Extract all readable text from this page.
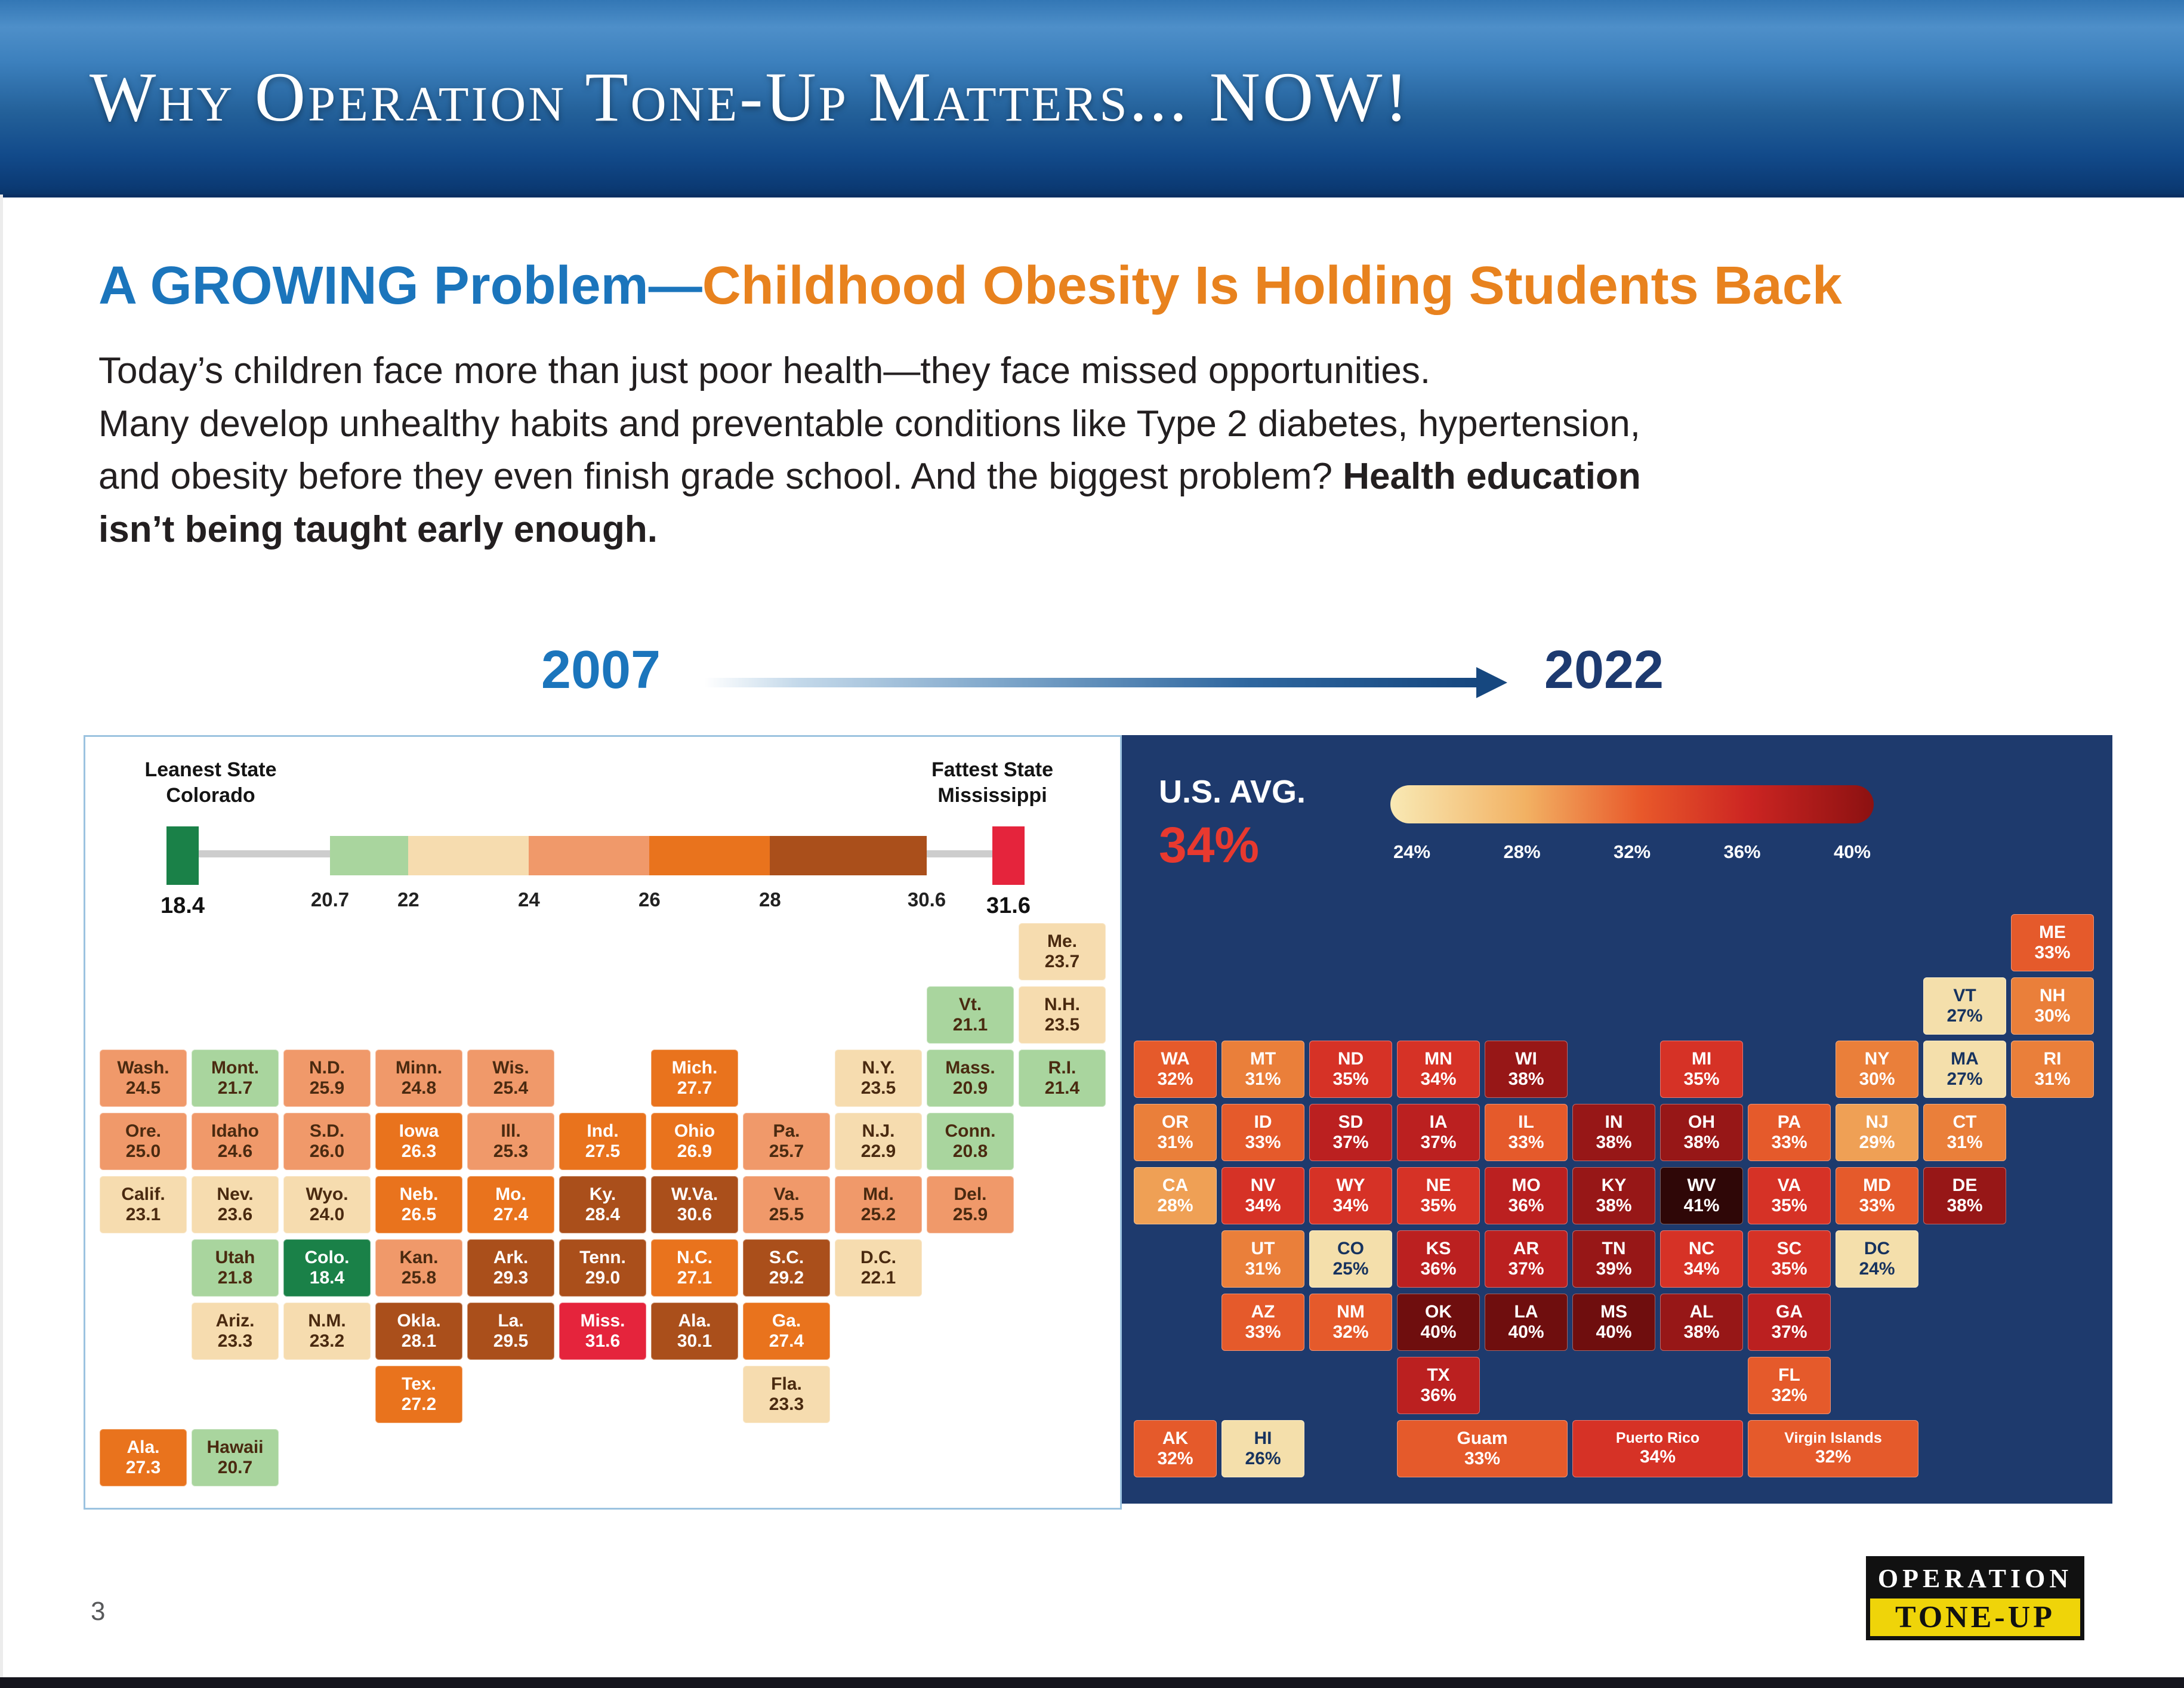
Why Operation Tone-Up Matters... NOW!
A GROWING Problem—Childhood Obesity Is Holding Students Back
Today’s children face more than just poor health—they face missed opportunities.
Many develop unhealthy habits and preventable conditions like Type 2 diabetes, hypertension,
and obesity before they even finish grade school. And the biggest problem? Health education
isn’t being taught early enough.
2007	2022
Leanest State
Colorado
Fattest State
Mississippi
20.7	22	24	26	28	30.6
18.4	31.6
Me.
23.7
Vt.
21.1
N.H.
23.5
Wash.
24.5
Mont.
21.7
N.D.
25.9
Minn.
24.8
Wis.
25.4
Mich.
27.7
N.Y.
23.5
Mass.
20.9
R.I.
21.4
Ore.
25.0
Idaho
24.6
S.D.
26.0
Iowa
26.3
Ill.
25.3
Ind.
27.5
Ohio
26.9
Pa.
25.7
N.J.
22.9
Conn.
20.8
Calif.
23.1
Nev.
23.6
Wyo.
24.0
Neb.
26.5
Mo.
27.4
Ky.
28.4
W.Va.
30.6
Va.
25.5
Md.
25.2
Del.
25.9
Utah
21.8
Colo.
18.4
Kan.
25.8
Ark.
29.3
Tenn.
29.0
N.C.
27.1
S.C.
29.2
D.C.
22.1
Ariz.
23.3
N.M.
23.2
Okla.
28.1
La.
29.5
Miss.
31.6
Ala.
30.1
Ga.
27.4
Tex.
27.2
Fla.
23.3
Ala.
27.3
Hawaii
20.7
U.S. AVG.
34%	24%	28%	32%	36%	40%
ME
33%
VT
27%
NH
30%
WA
32%
MT
31%
ND
35%
MN
34%
WI
38%
MI
35%
NY
30%
MA
27%
RI
31%
OR
31%
ID
33%
SD
37%
IA
37%
IL
33%
IN
38%
OH
38%
PA
33%
NJ
29%
CT
31%
CA
28%
NV
34%
WY
34%
NE
35%
MO
36%
KY
38%
WV
41%
VA
35%
MD
33%
DE
38%
UT
31%
CO
25%
KS
36%
AR
37%
TN
39%
NC
34%
SC
35%
DC
24%
AZ
33%
NM
32%
OK
40%
LA
40%
MS
40%
AL
38%
GA
37%
TX
36%
FL
32%
AK
32%
HI
26%
Guam
33%
Puerto Rico
34%
Virgin Islands
32%
3
OPERATION
TONE-UP
